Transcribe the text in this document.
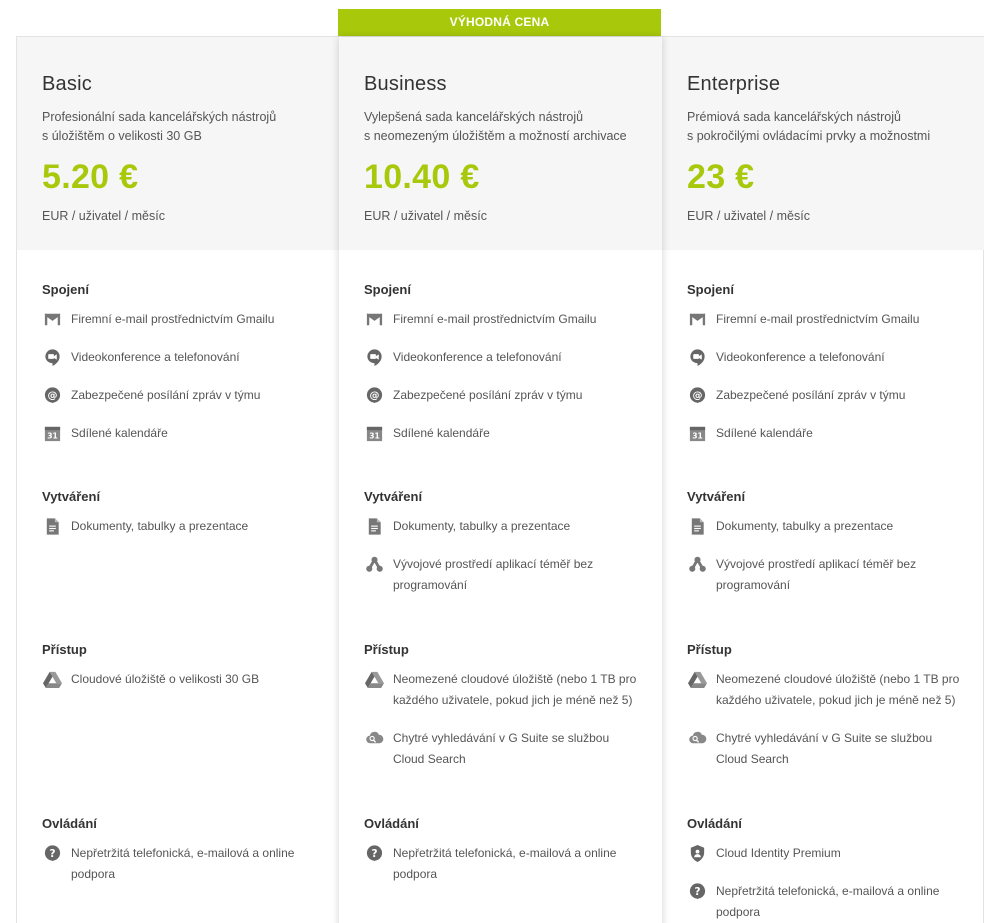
VÝHODNÁ CENA
Basic
Profesionální sada kancelářských nástrojů
s úložištěm o velikosti 30 GB
5.20 €
EUR / uživatel / měsíc
Spojení
Firemní e-mail prostřednictvím Gmailu
Videokonference a telefonování
@ Zabezpečené posílání zpráv v týmu
31 Sdílené kalendáře
Vytváření
Dokumenty, tabulky a prezentace
Přístup
Cloudové úložiště o velikosti 30 GB
Ovládání
? Nepřetržitá telefonická, e-mailová a online podpora
Business
Vylepšená sada kancelářských nástrojů
s neomezeným úložištěm a možností archivace
10.40 €
EUR / uživatel / měsíc
Spojení
Firemní e-mail prostřednictvím Gmailu
Videokonference a telefonování
@ Zabezpečené posílání zpráv v týmu
31 Sdílené kalendáře
Vytváření
Dokumenty, tabulky a prezentace
Vývojové prostředí aplikací téměř bez programování
Přístup
Neomezené cloudové úložiště (nebo 1 TB pro každého uživatele, pokud jich je méně než 5)
Chytré vyhledávání v G Suite se službou Cloud Search
Ovládání
? Nepřetržitá telefonická, e-mailová a online podpora
Enterprise
Prémiová sada kancelářských nástrojů
s pokročilými ovládacími prvky a možnostmi
23 €
EUR / uživatel / měsíc
Spojení
Firemní e-mail prostřednictvím Gmailu
Videokonference a telefonování
@ Zabezpečené posílání zpráv v týmu
31 Sdílené kalendáře
Vytváření
Dokumenty, tabulky a prezentace
Vývojové prostředí aplikací téměř bez programování
Přístup
Neomezené cloudové úložiště (nebo 1 TB pro každého uživatele, pokud jich je méně než 5)
Chytré vyhledávání v G Suite se službou Cloud Search
Ovládání
Cloud Identity Premium
? Nepřetržitá telefonická, e-mailová a online podpora
